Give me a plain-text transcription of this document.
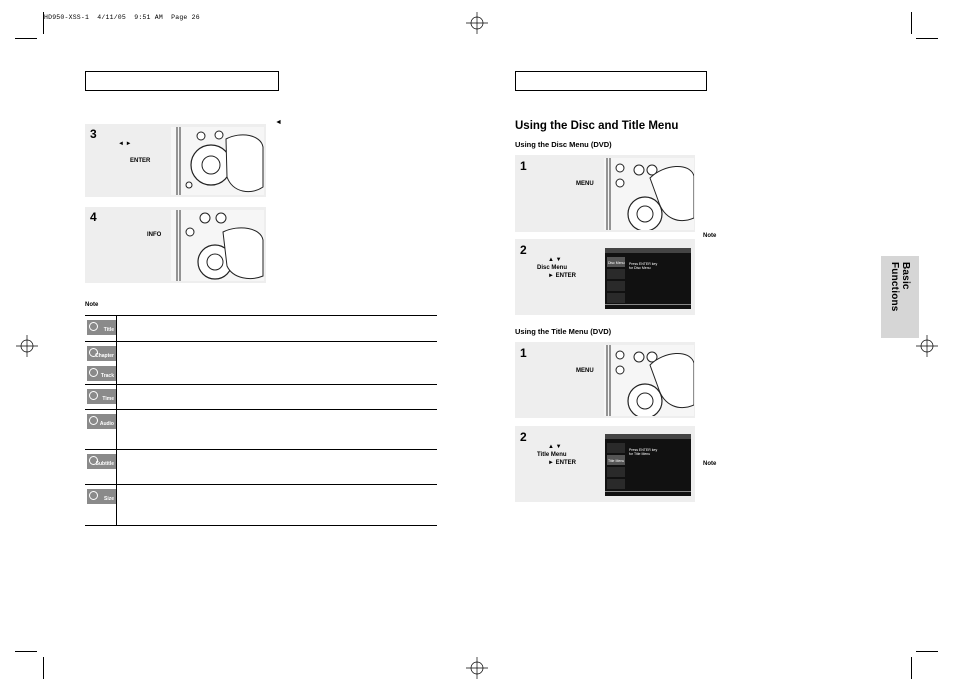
HD950-XSS-1  4/11/05  9:51 AM  Page 26
◄
3
◄ ►
ENTER
4
INFO
Note
Title
Chapter
Track
Time
Audio
Subtitle
Size
Using the Disc and Title Menu
Using the Disc Menu (DVD)
1
MENU
Note
2
▲ ▼
Disc Menu
► ENTER
Disc Menu Press ENTER key
for Disc Menu
Using the Title Menu (DVD)
1
MENU
2
▲ ▼
Title Menu
► ENTER	Title Menu
Press ENTER key
for Title Menu
Note
Basic Functions
